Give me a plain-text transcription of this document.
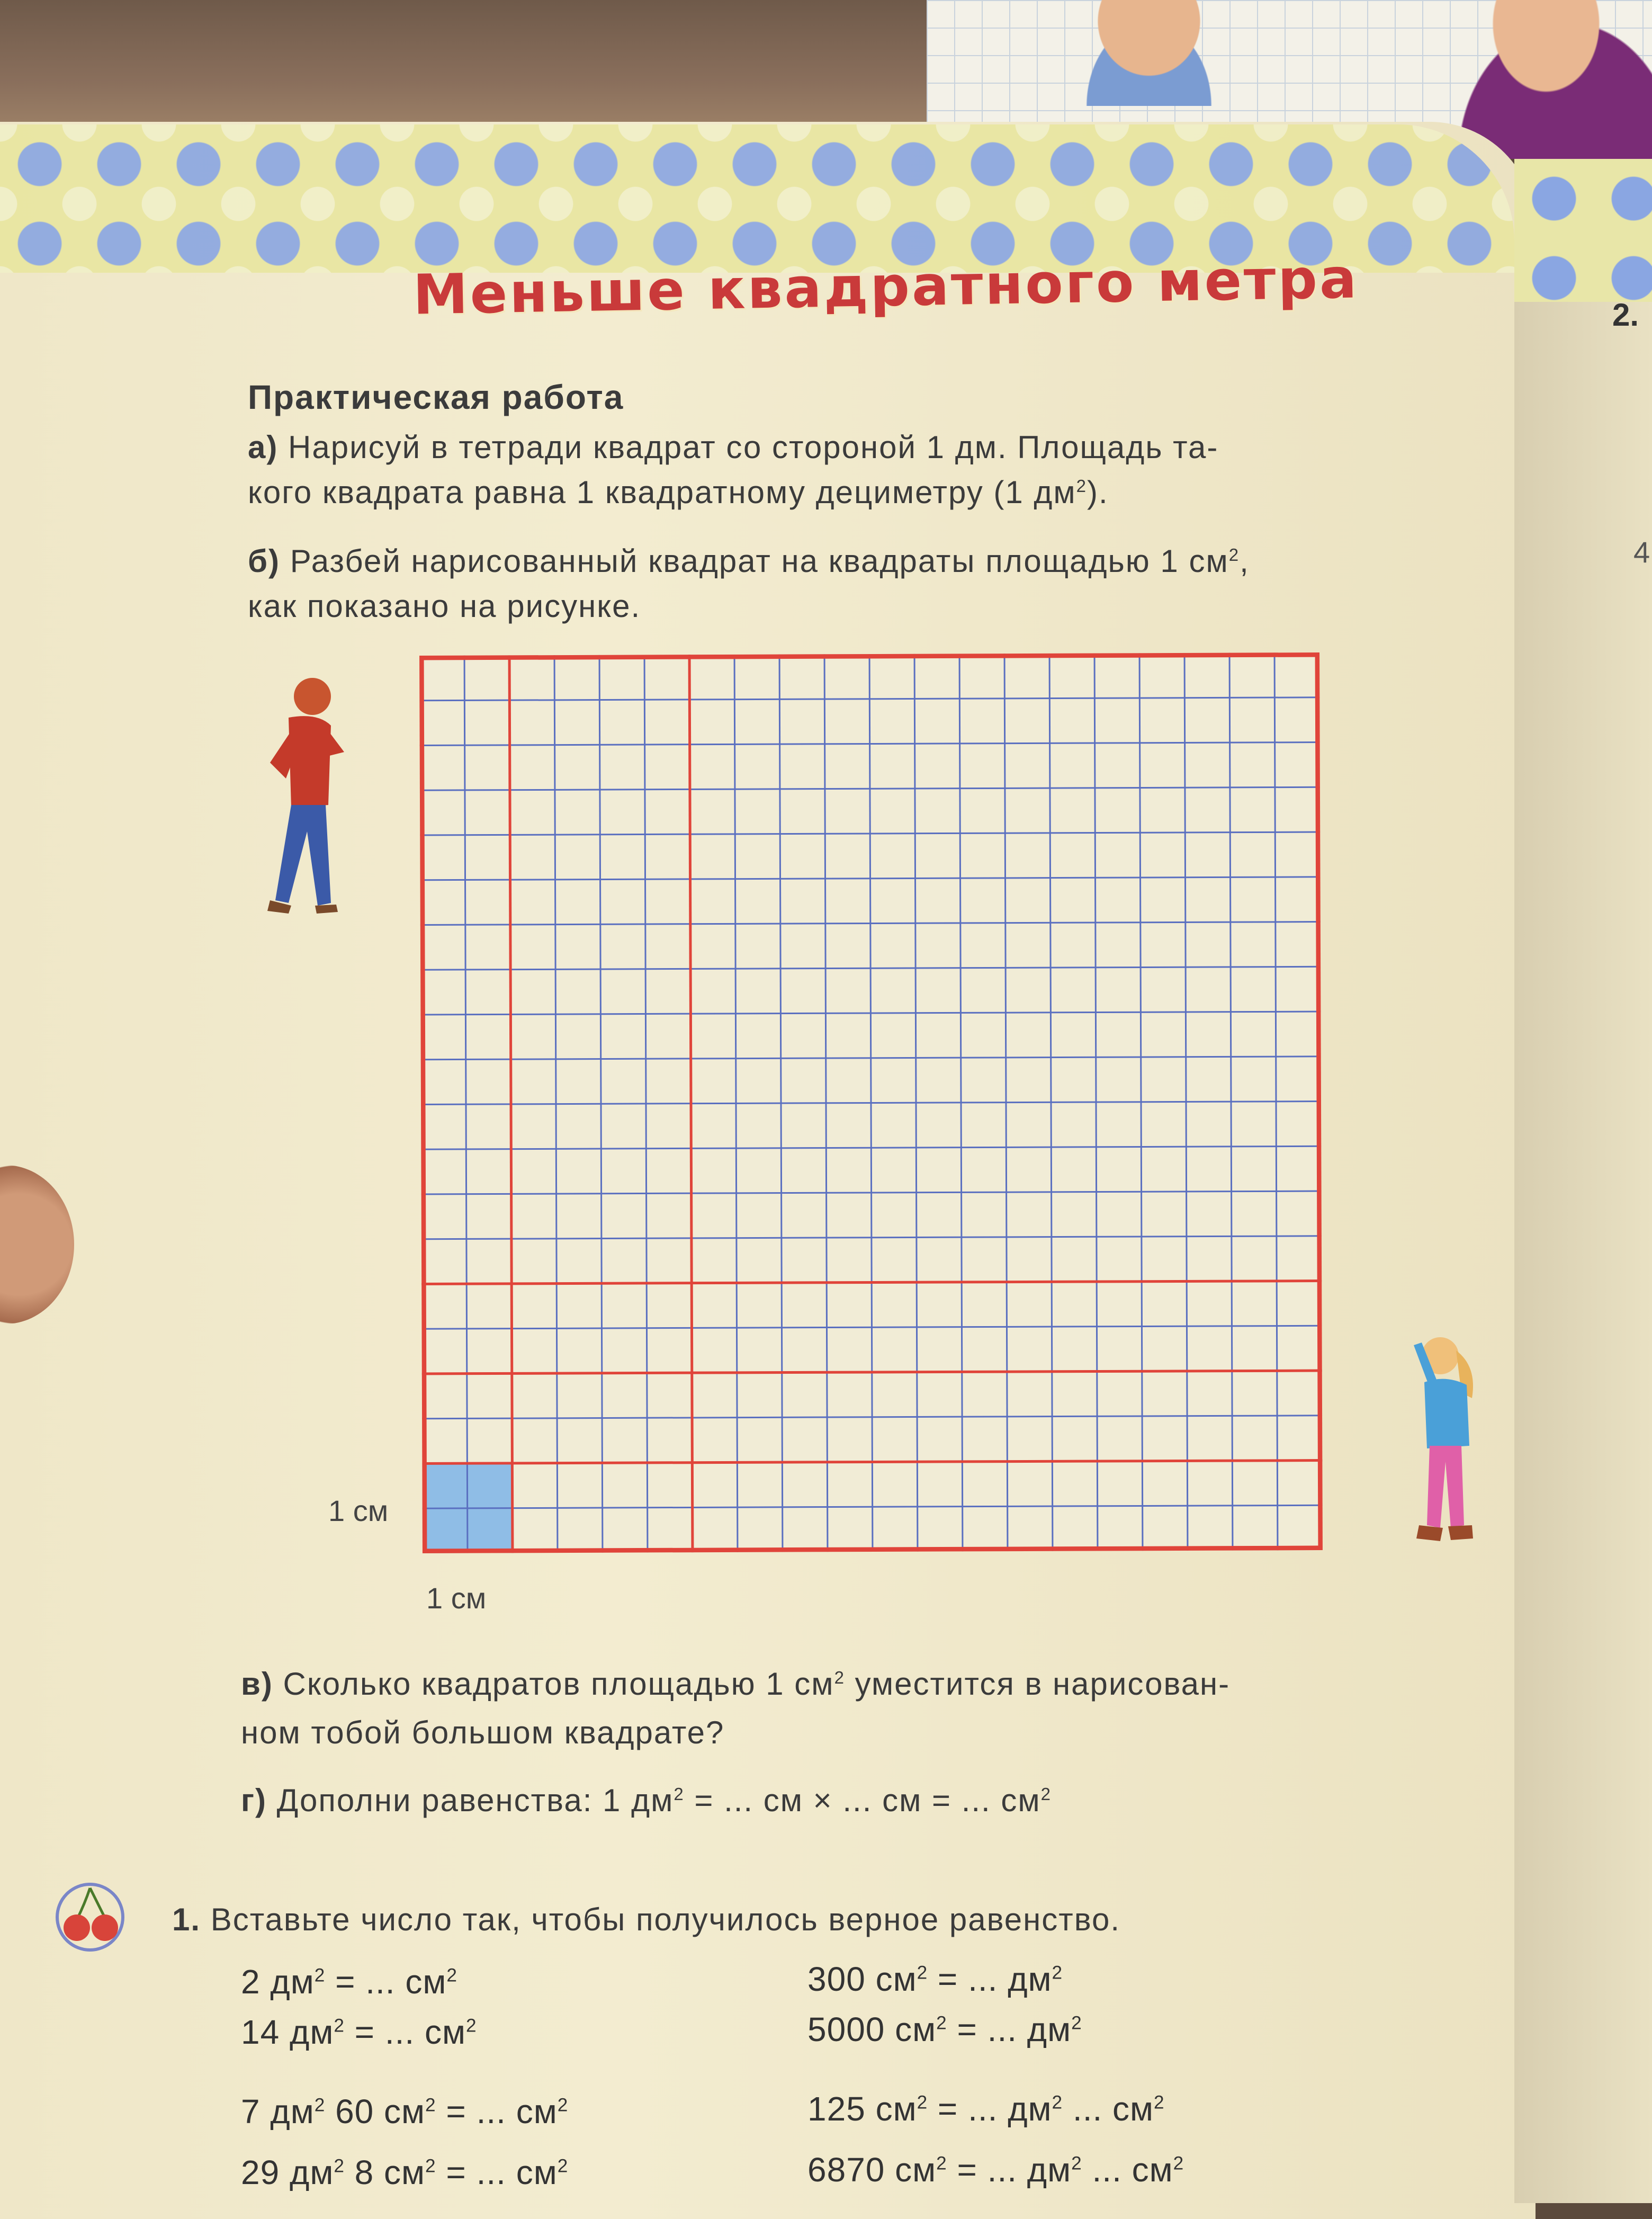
Меньше квадратного метра	2.
4

Практическая работа

а) Нарисуй в тетради квадрат со стороной 1 дм. Площадь та-

кого квадрата равна 1 квадратному дециметру (1 $дм^2$).

б) Разбей нарисованный квадрат на квадраты площадью 1 $см^2$,

как показано на рисунке.

1 см

1 см

в) Сколько квадратов площадью 1 $см^2$ уместится в нарисован-

ном тобой большом квадрате?

г) Дополни равенства: 1 $дм^2$ = ... см × ... см = ... $см^2$

1. Вставьте число так, чтобы получилось верное равенство.

2 $дм^2$ = ... $см^2$

14 $дм^2$ = ... $см^2$

7 $дм^2$ 60 $см^2$ = ... $см^2$

29 $дм^2$ 8 $см^2$ = ... $см^2$

300 $см^2$ = ... $дм^2$

5000 $см^2$ = ... $дм^2$

125 $см^2$ = ... $дм^2$ ... $см^2$

6870 $см^2$ = ... $дм^2$ ... $см^2$
